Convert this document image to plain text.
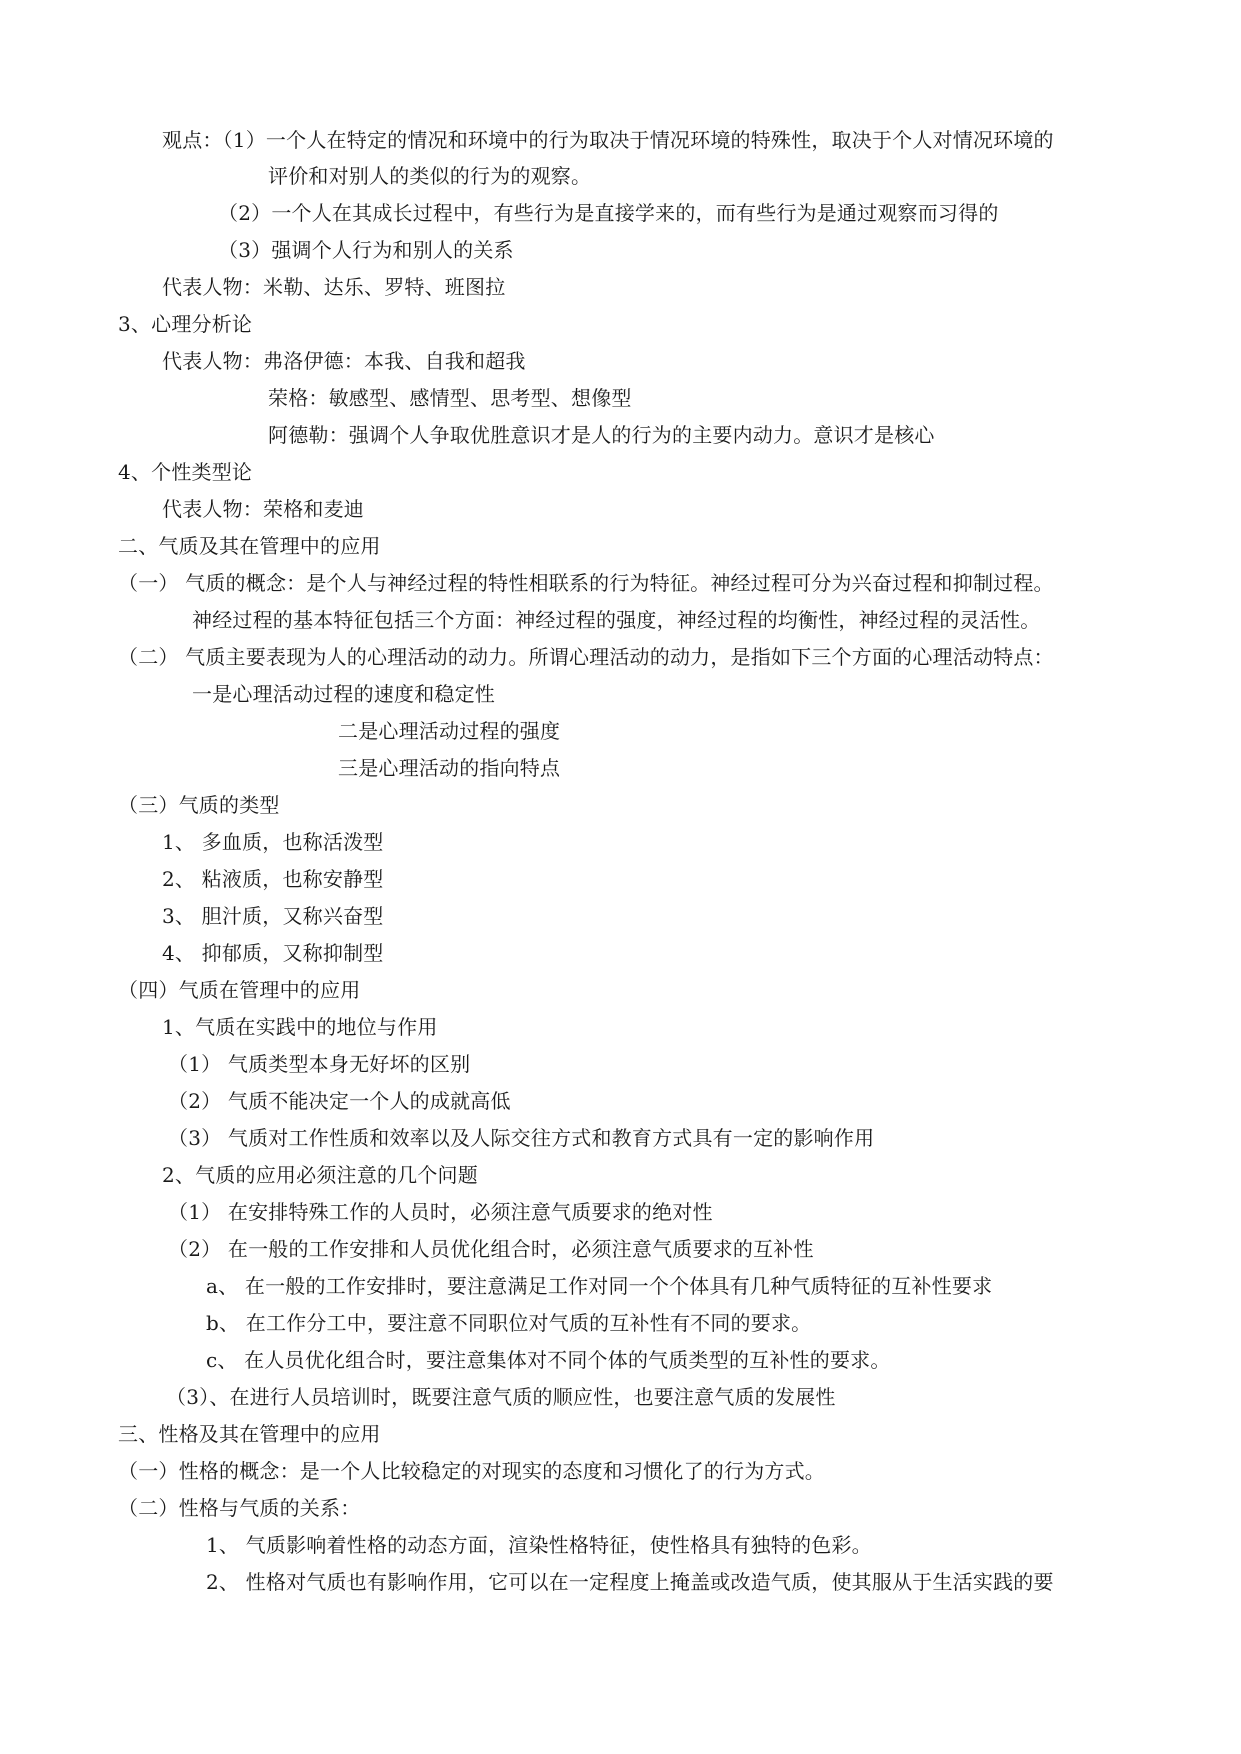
观点：（1）一个人在特定的情况和环境中的行为取决于情况环境的特殊性，取决于个人对情况环境的
评价和对别人的类似的行为的观察。
（2）一个人在其成长过程中，有些行为是直接学来的，而有些行为是通过观察而习得的
（3）强调个人行为和别人的关系
代表人物：米勒、达乐、罗特、班图拉
3、心理分析论
代表人物：弗洛伊德：本我、自我和超我
荣格：敏感型、感情型、思考型、想像型
阿德勒：强调个人争取优胜意识才是人的行为的主要内动力。意识才是核心
4、个性类型论
代表人物：荣格和麦迪
二、气质及其在管理中的应用
（一） 气质的概念：是个人与神经过程的特性相联系的行为特征。神经过程可分为兴奋过程和抑制过程。
神经过程的基本特征包括三个方面：神经过程的强度，神经过程的均衡性，神经过程的灵活性。
（二） 气质主要表现为人的心理活动的动力。所谓心理活动的动力，是指如下三个方面的心理活动特点：
一是心理活动过程的速度和稳定性
二是心理活动过程的强度
三是心理活动的指向特点
（三）气质的类型
1、 多血质，也称活泼型
2、 粘液质，也称安静型
3、 胆汁质，又称兴奋型
4、 抑郁质，又称抑制型
（四）气质在管理中的应用
1、气质在实践中的地位与作用
（1） 气质类型本身无好坏的区别
（2） 气质不能决定一个人的成就高低
（3） 气质对工作性质和效率以及人际交往方式和教育方式具有一定的影响作用
2、气质的应用必须注意的几个问题
（1） 在安排特殊工作的人员时，必须注意气质要求的绝对性
（2） 在一般的工作安排和人员优化组合时，必须注意气质要求的互补性
a、 在一般的工作安排时，要注意满足工作对同一个个体具有几种气质特征的互补性要求
b、 在工作分工中，要注意不同职位对气质的互补性有不同的要求。
c、 在人员优化组合时，要注意集体对不同个体的气质类型的互补性的要求。
（3）、在进行人员培训时，既要注意气质的顺应性，也要注意气质的发展性
三、性格及其在管理中的应用
（一）性格的概念：是一个人比较稳定的对现实的态度和习惯化了的行为方式。
（二）性格与气质的关系：
1、 气质影响着性格的动态方面，渲染性格特征，使性格具有独特的色彩。
2、 性格对气质也有影响作用，它可以在一定程度上掩盖或改造气质，使其服从于生活实践的要
